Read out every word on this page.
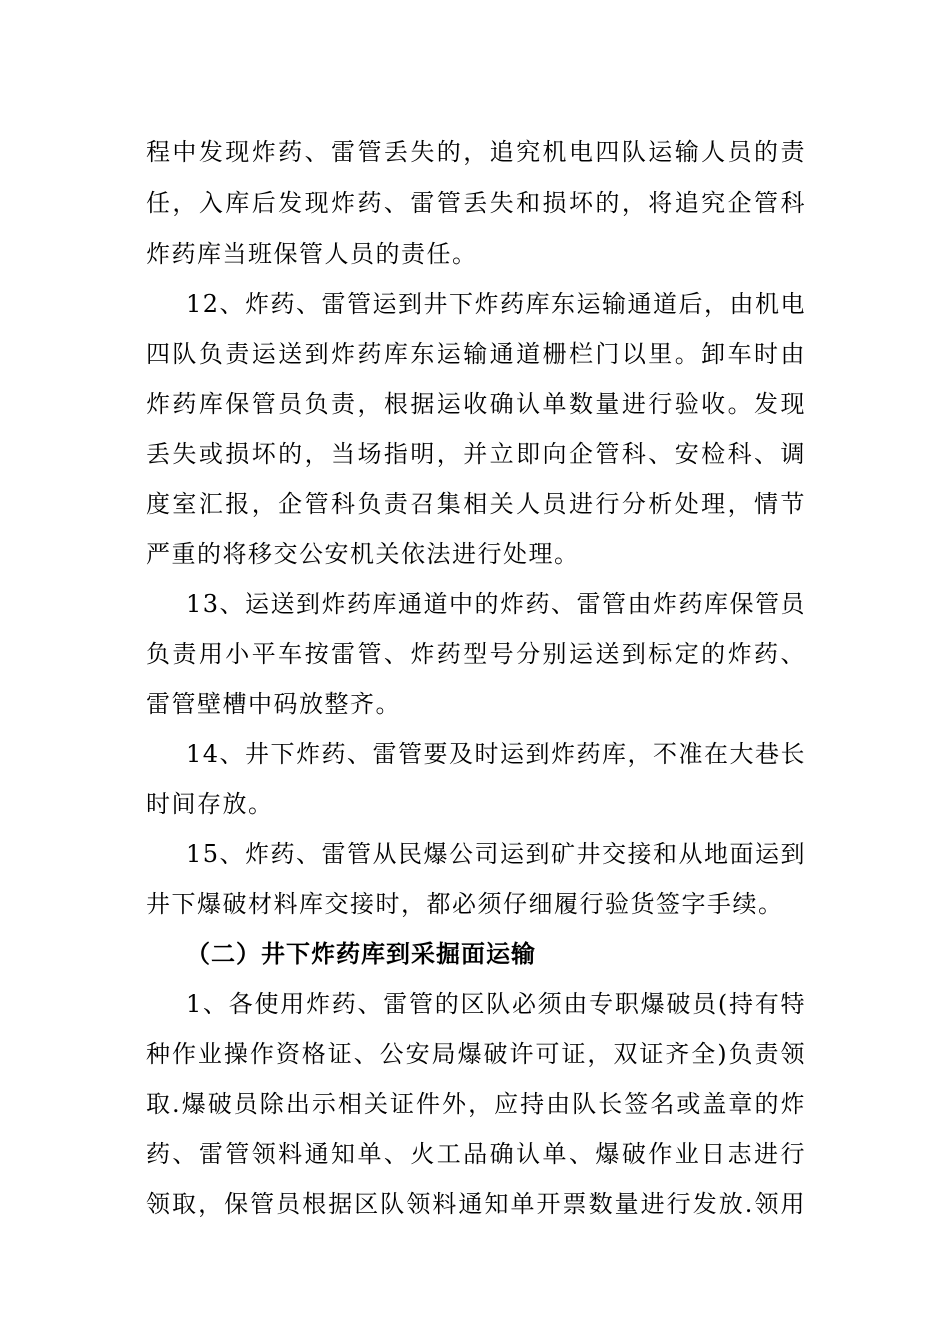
程中发现炸药、雷管丢失的，追究机电四队运输人员的责
任，入库后发现炸药、雷管丢失和损坏的，将追究企管科
炸药库当班保管人员的责任。
12、炸药、雷管运到井下炸药库东运输通道后，由机电
四队负责运送到炸药库东运输通道栅栏门以里。卸车时由
炸药库保管员负责，根据运收确认单数量进行验收。发现
丢失或损坏的，当场指明，并立即向企管科、安检科、调
度室汇报，企管科负责召集相关人员进行分析处理，情节
严重的将移交公安机关依法进行处理。
13、运送到炸药库通道中的炸药、雷管由炸药库保管员
负责用小平车按雷管、炸药型号分别运送到标定的炸药、
雷管壁槽中码放整齐。
14、井下炸药、雷管要及时运到炸药库，不准在大巷长
时间存放。
15、炸药、雷管从民爆公司运到矿井交接和从地面运到
井下爆破材料库交接时，都必须仔细履行验货签字手续。
（二）井下炸药库到采掘面运输
1、各使用炸药、雷管的区队必须由专职爆破员(持有特
种作业操作资格证、公安局爆破许可证，双证齐全)负责领
取.爆破员除出示相关证件外，应持由队长签名或盖章的炸
药、雷管领料通知单、火工品确认单、爆破作业日志进行
领取，保管员根据区队领料通知单开票数量进行发放.领用
